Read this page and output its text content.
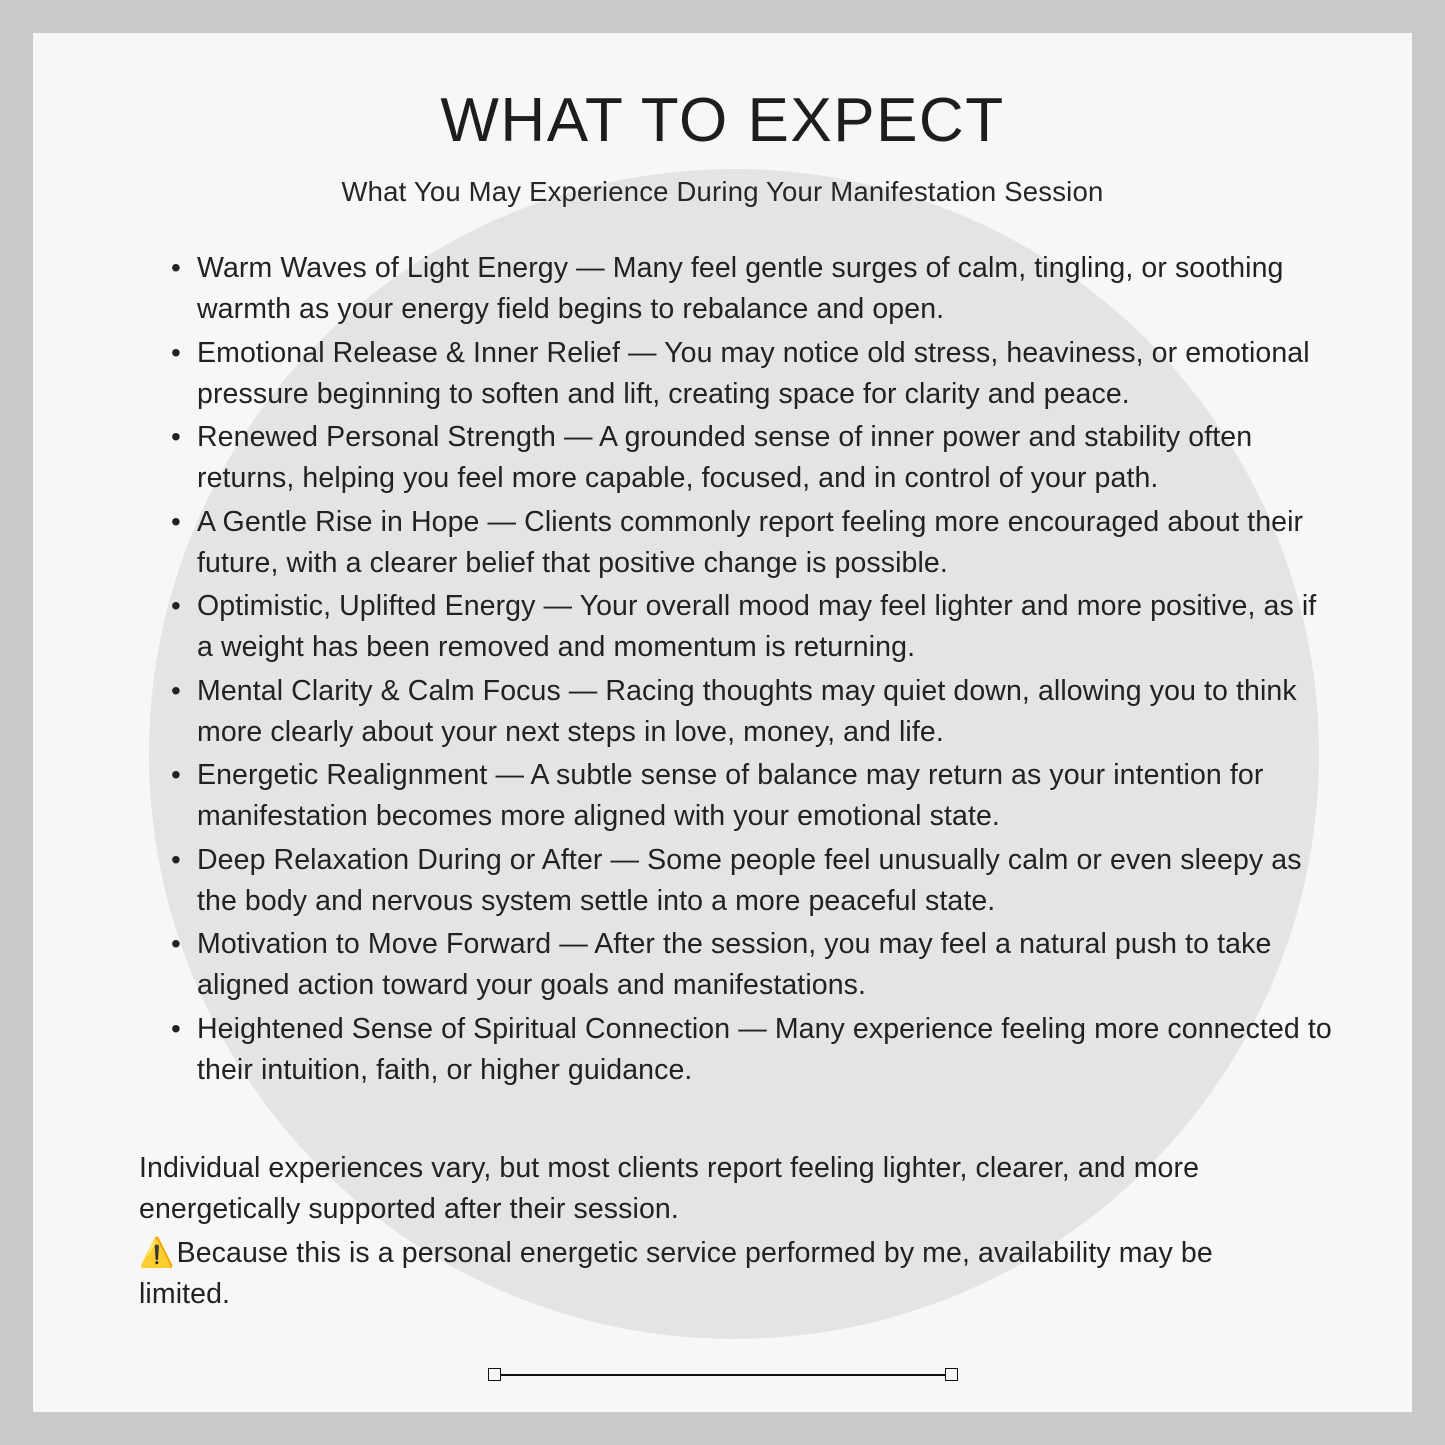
WHAT TO EXPECT
What You May Experience During Your Manifestation Session
• Warm Waves of Light Energy — Many feel gentle surges of calm, tingling, or soothing warmth as your energy field begins to rebalance and open.
• Emotional Release & Inner Relief — You may notice old stress, heaviness, or emotional pressure beginning to soften and lift, creating space for clarity and peace.
• Renewed Personal Strength — A grounded sense of inner power and stability often returns, helping you feel more capable, focused, and in control of your path.
• A Gentle Rise in Hope — Clients commonly report feeling more encouraged about their future, with a clearer belief that positive change is possible.
• Optimistic, Uplifted Energy — Your overall mood may feel lighter and more positive, as if a weight has been removed and momentum is returning.
• Mental Clarity & Calm Focus — Racing thoughts may quiet down, allowing you to think more clearly about your next steps in love, money, and life.
• Energetic Realignment — A subtle sense of balance may return as your intention for manifestation becomes more aligned with your emotional state.
• Deep Relaxation During or After — Some people feel unusually calm or even sleepy as the body and nervous system settle into a more peaceful state.
• Motivation to Move Forward — After the session, you may feel a natural push to take aligned action toward your goals and manifestations.
• Heightened Sense of Spiritual Connection — Many experience feeling more connected to their intuition, faith, or higher guidance.

Individual experiences vary, but most clients report feeling lighter, clearer, and more energetically supported after their session.

⚠️Because this is a personal energetic service performed by me, availability may be limited.
